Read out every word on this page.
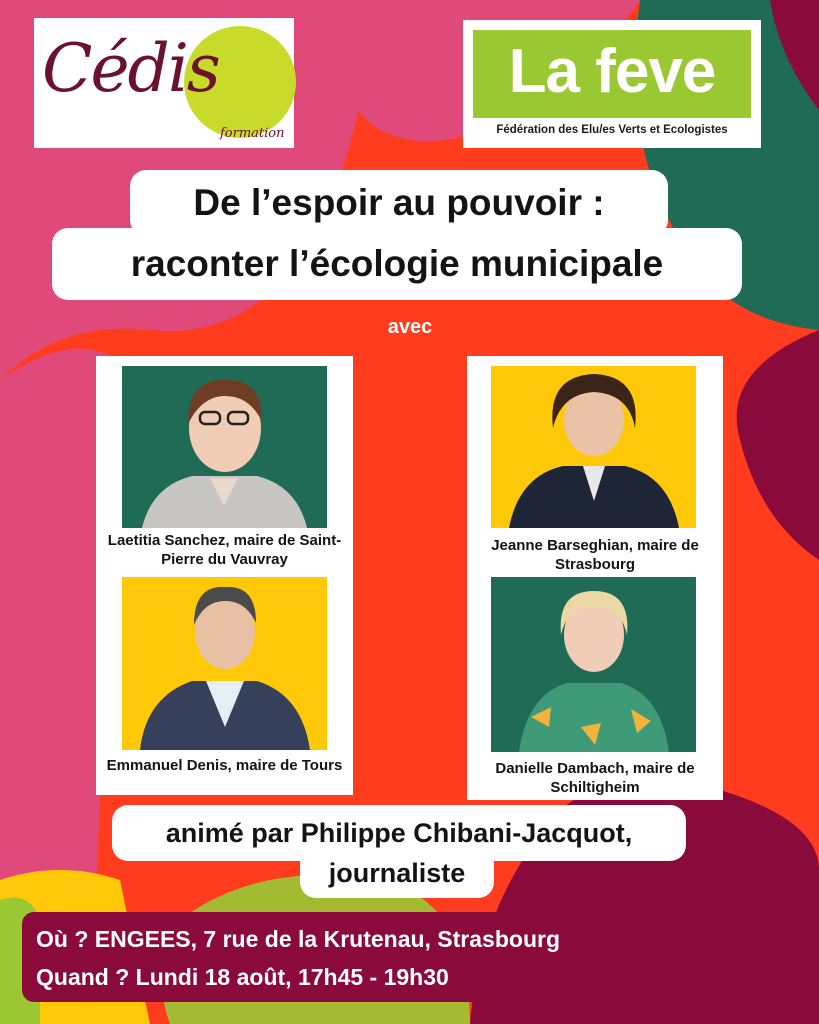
Cédis
formation
La feve
Fédération des Elu/es Verts et Ecologistes
De l’espoir au pouvoir :
raconter l’écologie municipale
avec
Laetitia Sanchez, maire de Saint-Pierre du Vauvray
Emmanuel Denis, maire de Tours
Jeanne Barseghian, maire de Strasbourg
Danielle Dambach, maire de Schiltigheim
animé par Philippe Chibani-Jacquot,
journaliste
Où ? ENGEES, 7 rue de la Krutenau, Strasbourg
Quand ? Lundi 18 août, 17h45 - 19h30
